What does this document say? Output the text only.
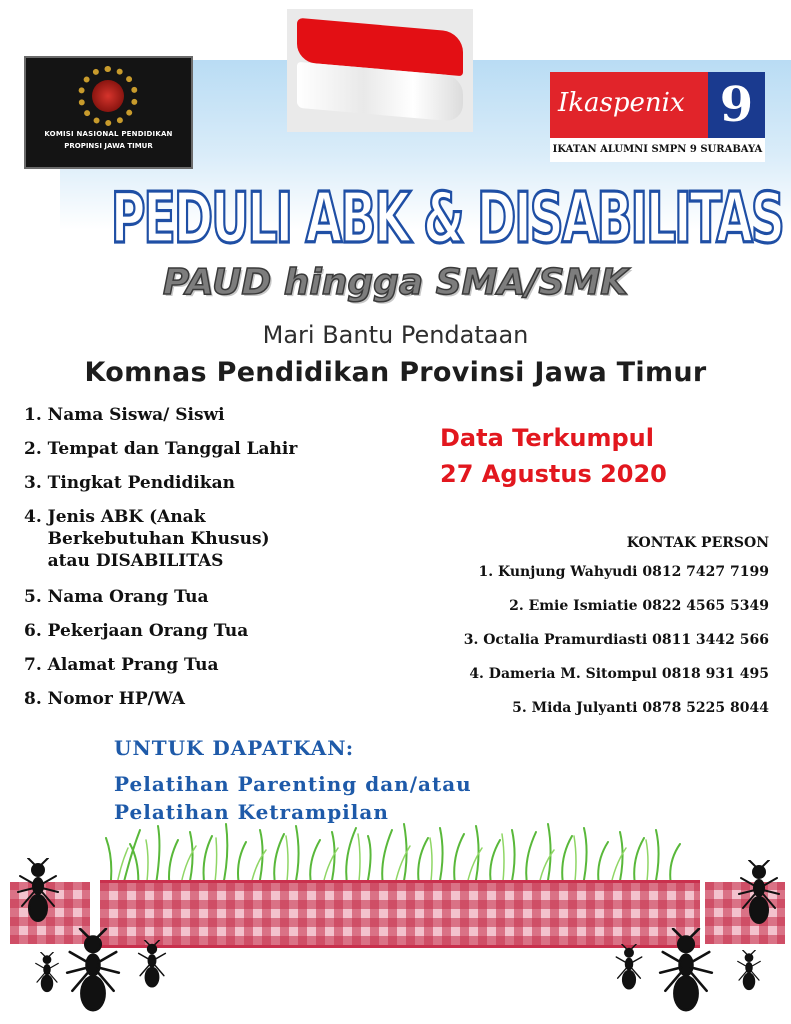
KOMISI NASIONAL PENDIDIKAN
PROPINSI JAWA TIMUR
Ikaspenix 9
IKATAN ALUMNI SMPN 9 SURABAYA
PEDULI ABK & DISABILITAS
PAUD hingga SMA/SMK

Mari Bantu Pendataan

Komnas Pendidikan Provinsi Jawa Timur

1. Nama Siswa/ Siswi
2. Tempat dan Tanggal Lahir
3. Tingkat Pendidikan
4. Jenis ABK (Anak
Berkebutuhan Khusus)
atau DISABILITAS
5. Nama Orang Tua
6. Pekerjaan Orang Tua
7. Alamat Prang Tua
8. Nomor HP/WA
Data Terkumpul
27 Agustus 2020
KONTAK PERSON
1. Kunjung Wahyudi 0812 7427 7199
2. Emie Ismiatie 0822 4565 5349
3. Octalia Pramurdiasti 0811 3442 566
4. Dameria M. Sitompul 0818 931 495
5. Mida Julyanti 0878 5225 8044
UNTUK DAPATKAN:
Pelatihan Parenting dan/atau
Pelatihan Ketrampilan
